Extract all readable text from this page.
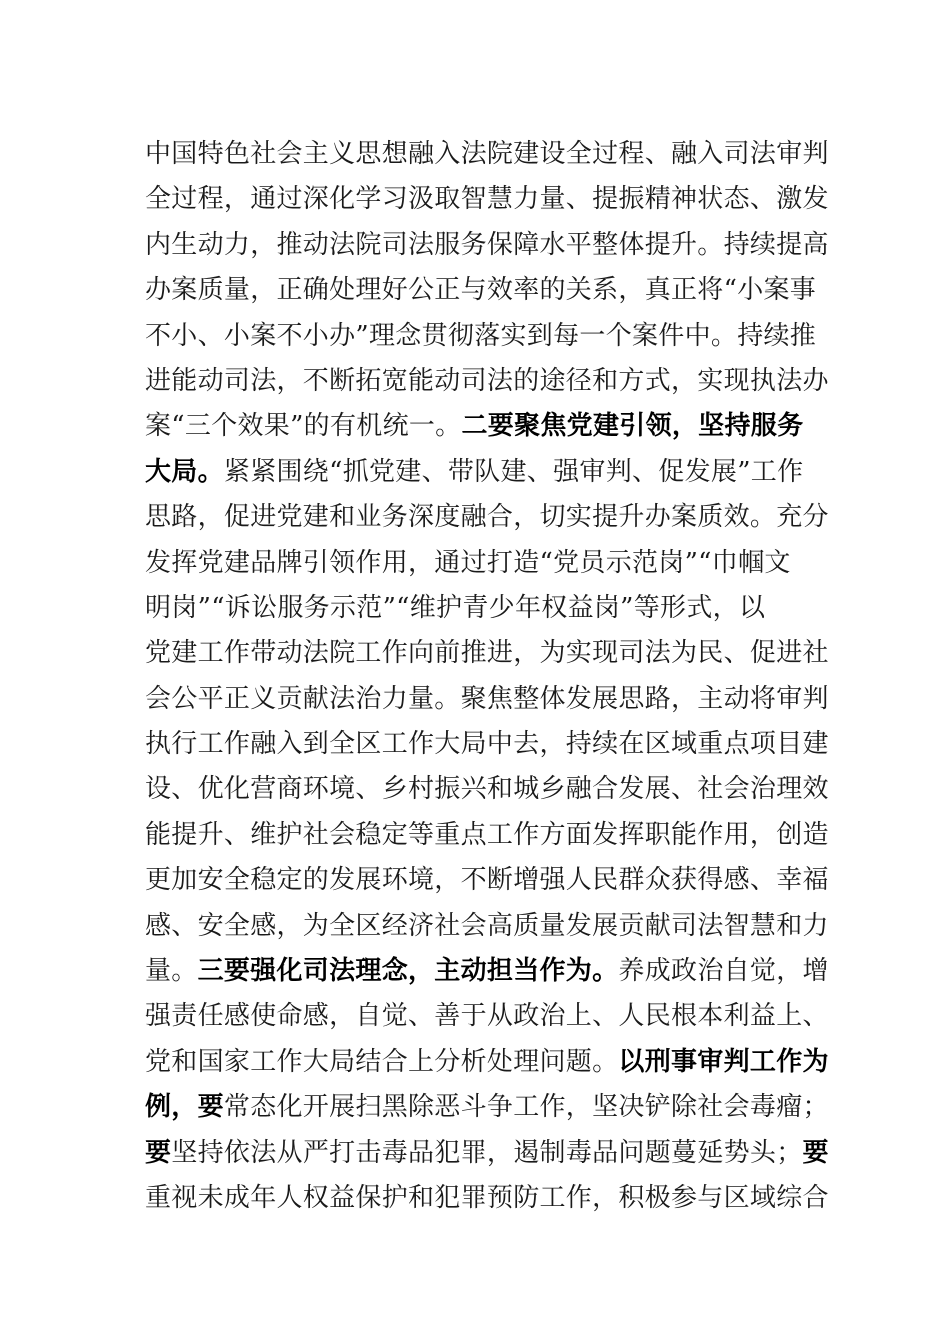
中国特色社会主义思想融入法院建设全过程、融入司法审判
全过程，通过深化学习汲取智慧力量、提振精神状态、激发
内生动力，推动法院司法服务保障水平整体提升。持续提高
办案质量，正确处理好公正与效率的关系，真正将“小案事
不小、小案不小办”理念贯彻落实到每一个案件中。持续推
进能动司法，不断拓宽能动司法的途径和方式，实现执法办
案“三个效果”的有机统一。二要聚焦党建引领，坚持服务
大局。紧紧围绕“抓党建、带队建、强审判、促发展”工作
思路，促进党建和业务深度融合，切实提升办案质效。充分
发挥党建品牌引领作用，通过打造“党员示范岗”“巾帼文
明岗”“诉讼服务示范”“维护青少年权益岗”等形式，以
党建工作带动法院工作向前推进，为实现司法为民、促进社
会公平正义贡献法治力量。聚焦整体发展思路，主动将审判
执行工作融入到全区工作大局中去，持续在区域重点项目建
设、优化营商环境、乡村振兴和城乡融合发展、社会治理效
能提升、维护社会稳定等重点工作方面发挥职能作用，创造
更加安全稳定的发展环境，不断增强人民群众获得感、幸福
感、安全感，为全区经济社会高质量发展贡献司法智慧和力
量。三要强化司法理念，主动担当作为。养成政治自觉，增
强责任感使命感，自觉、善于从政治上、人民根本利益上、
党和国家工作大局结合上分析处理问题。以刑事审判工作为
例，要常态化开展扫黑除恶斗争工作，坚决铲除社会毒瘤；
要坚持依法从严打击毒品犯罪，遏制毒品问题蔓延势头；要
重视未成年人权益保护和犯罪预防工作，积极参与区域综合
